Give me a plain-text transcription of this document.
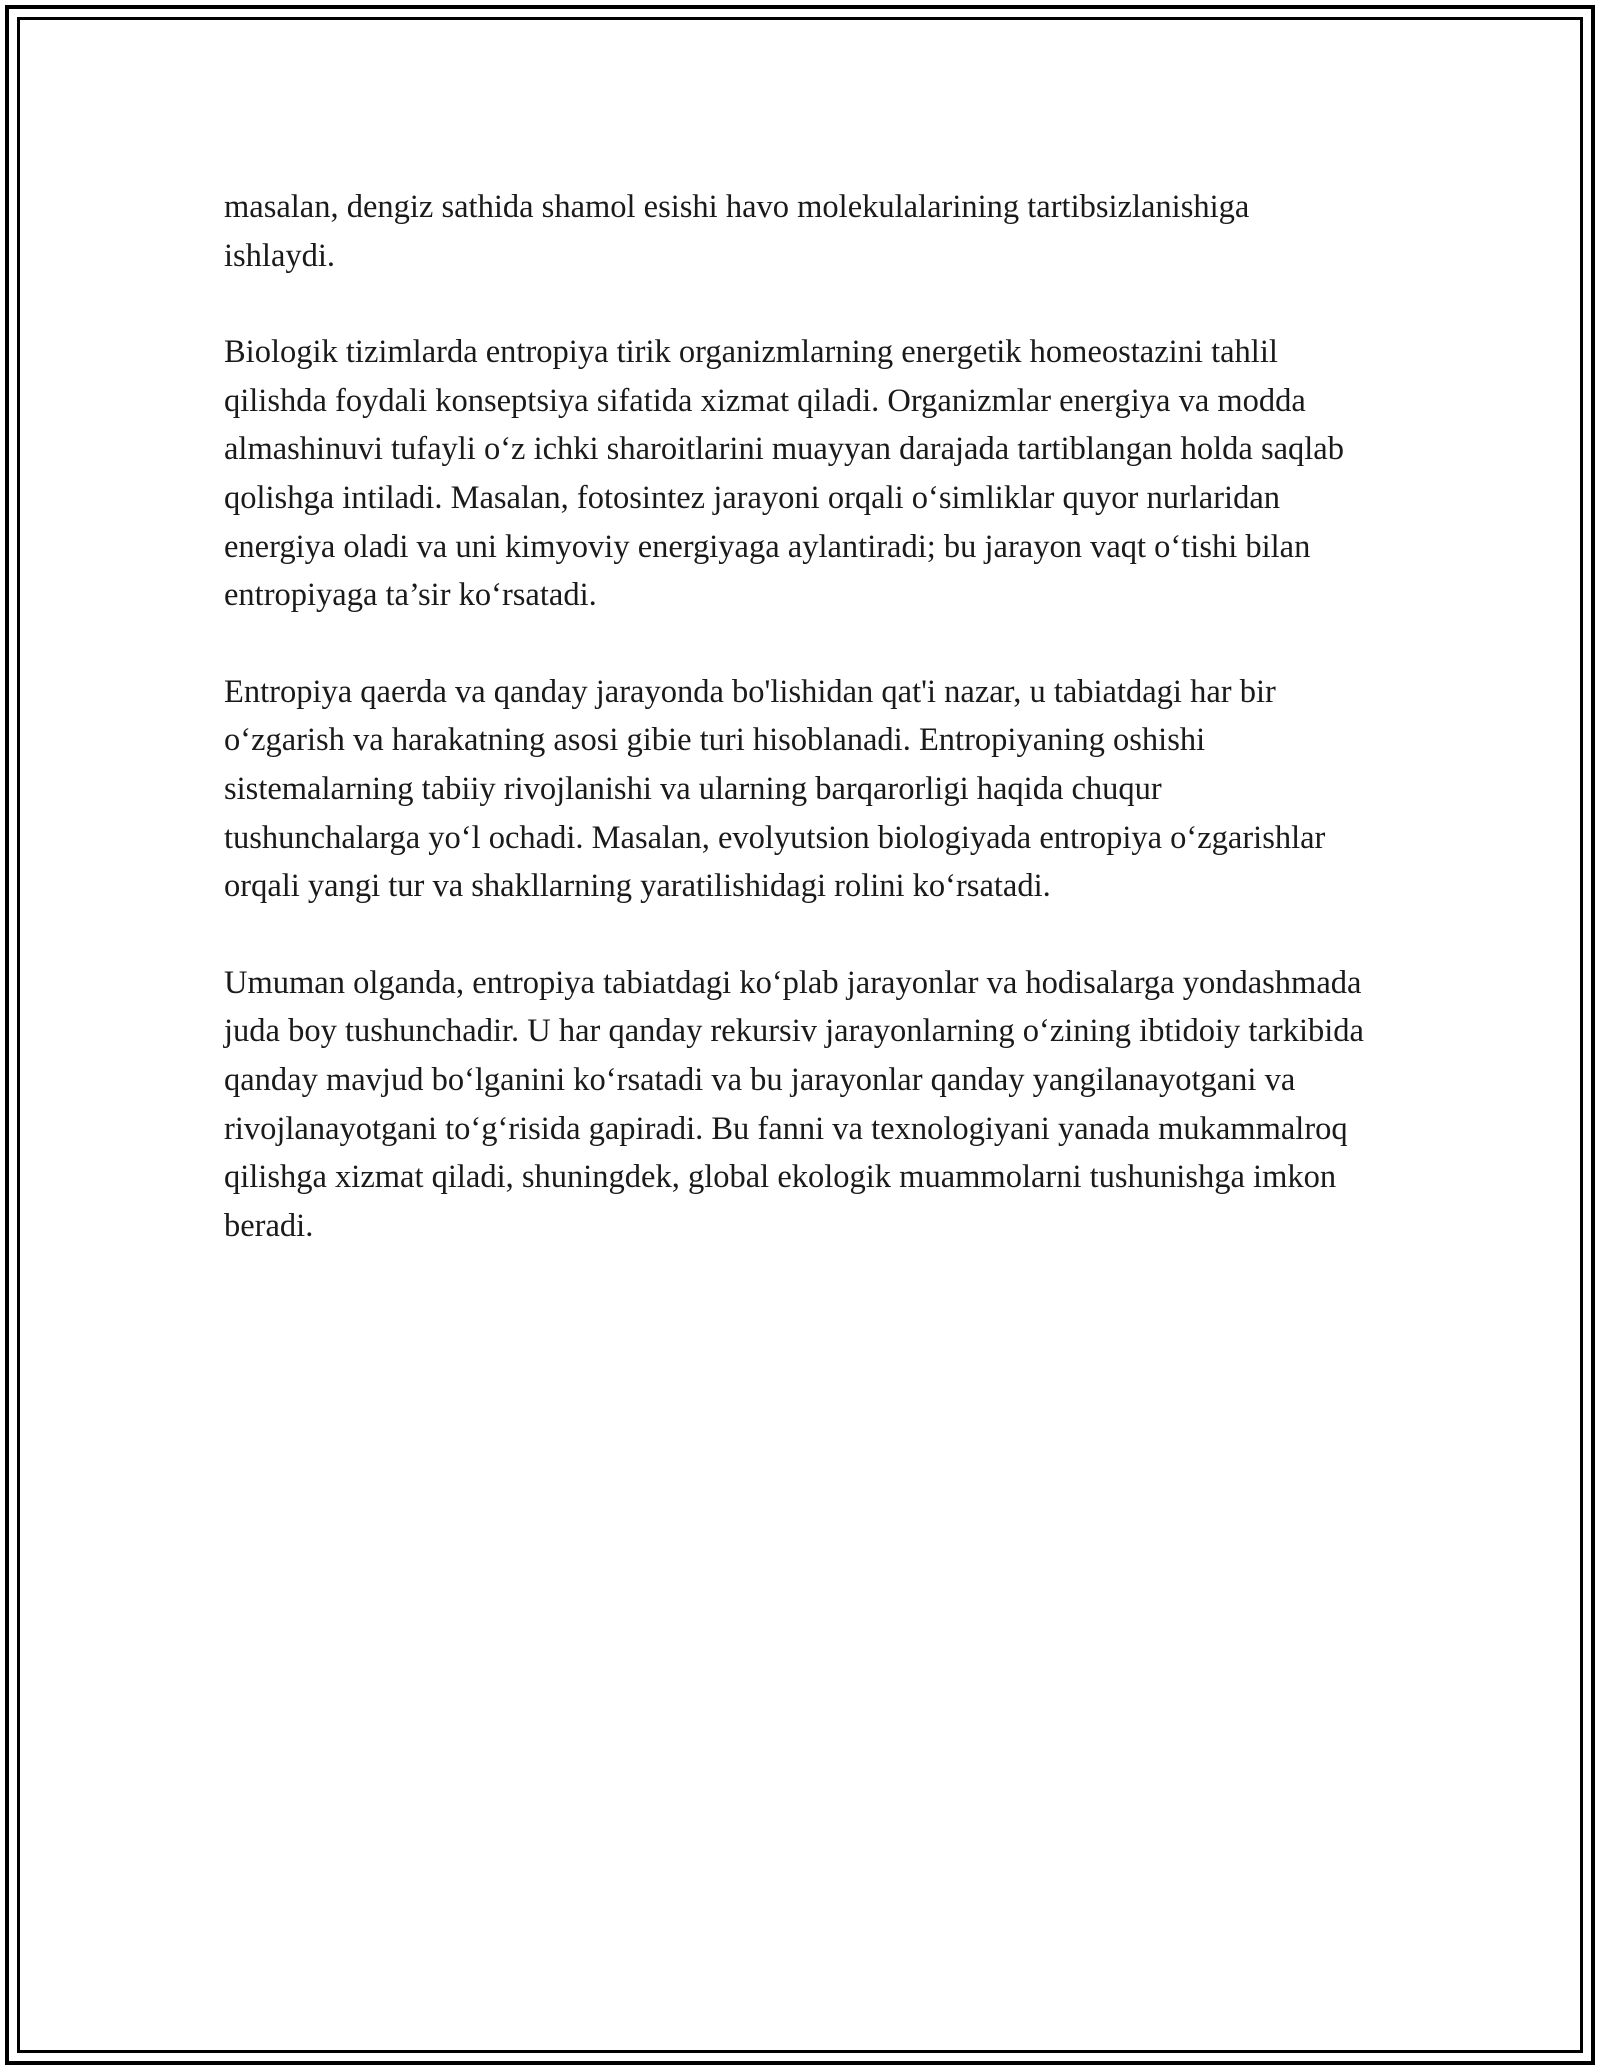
masalan, dengiz sathida shamol esishi havo molekulalarining tartibsizlanishiga ishlaydi.

Biologik tizimlarda entropiya tirik organizmlarning energetik homeostazini tahlil qilishda foydali konseptsiya sifatida xizmat qiladi. Organizmlar energiya va modda almashinuvi tufayli o‘z ichki sharoitlarini muayyan darajada tartiblangan holda saqlab qolishga intiladi. Masalan, fotosintez jarayoni orqali o‘simliklar quyor nurlaridan energiya oladi va uni kimyoviy energiyaga aylantiradi; bu jarayon vaqt o‘tishi bilan entropiyaga ta’sir ko‘rsatadi.

Entropiya qaerda va qanday jarayonda bo'lishidan qat'i nazar, u tabiatdagi har bir o‘zgarish va harakatning asosi gibie turi hisoblanadi. Entropiyaning oshishi sistemalarning tabiiy rivojlanishi va ularning barqarorligi haqida chuqur tushunchalarga yo‘l ochadi. Masalan, evolyutsion biologiyada entropiya o‘zgarishlar orqali yangi tur va shakllarning yaratilishidagi rolini ko‘rsatadi.

Umuman olganda, entropiya tabiatdagi ko‘plab jarayonlar va hodisalarga yondashmada juda boy tushunchadir. U har qanday rekursiv jarayonlarning o‘zining ibtidoiy tarkibida qanday mavjud bo‘lganini ko‘rsatadi va bu jarayonlar qanday yangilanayotgani va rivojlanayotgani to‘g‘risida gapiradi. Bu fanni va texnologiyani yanada mukammalroq qilishga xizmat qiladi, shuningdek, global ekologik muammolarni tushunishga imkon beradi.
